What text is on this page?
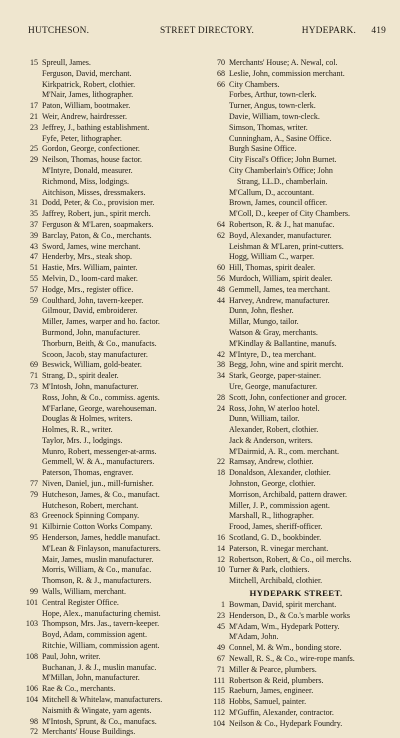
HUTCHESON.	STREET DIRECTORY.	HYDEPARK. 419
15 Spreull, James.
Ferguson, David, merchant.
Kirkpatrick, Robert, clothier.
M'Nair, James, lithographer.
17 Paton, William, bootmaker.
21 Weir, Andrew, hairdresser.
23 Jeffrey, J., bathing establishment.
Fyfe, Peter, lithographer.
25 Gordon, George, confectioner.
29 Neilson, Thomas, house factor.
M'Intyre, Donald, measurer.
Richmond, Miss, lodgings.
Aitchison, Misses, dressmakers.
31 Dodd, Peter, & Co., provision mer.
35 Jaffrey, Robert, jun., spirit merch.
37 Ferguson & M'Laren, soapmakers.
39 Barclay, Paton, & Co., merchants.
43 Sword, James, wine merchant.
47 Henderby, Mrs., steak shop.
51 Hastie, Mrs. William, painter.
55 Melvin, D., loom-card maker.
57 Hodge, Mrs., register office.
59 Coulthard, John, tavern-keeper.
Gilmour, David, embroiderer.
Miller, James, warper and ho. factor.
Burmond, John, manufacturer.
Thorburn, Beith, & Co., manufacts.
Scoon, Jacob, stay manufacturer.
69 Beswick, William, gold-beater.
71 Strang, D., spirit dealer.
73 M'Intosh, John, manufacturer.
Ross, John, & Co., commiss. agents.
M'Farlane, George, warehouseman.
Douglas & Holmes, writers.
Holmes, R. R., writer.
Taylor, Mrs. J., lodgings.
Munro, Robert, messenger-at-arms.
Gemmell, W. & A., manufacturers.
Paterson, Thomas, engraver.
77 Niven, Daniel, jun., mill-furnisher.
79 Hutcheson, James, & Co., manufact.
Hutcheson, Robert, merchant.
83 Greenock Spinning Company.
91 Kilbirnie Cotton Works Company.
95 Henderson, James, heddle manufact.
M'Lean & Finlayson, manufacturers.
Mair, James, muslin manufacturer.
Morris, William, & Co., manufac.
Thomson, R. & J., manufacturers.
99 Walls, William, merchant.
101 Central Register Office.
Hope, Alex., manufacturing chemist.
103 Thompson, Mrs. Jas., tavern-keeper.
Boyd, Adam, commission agent.
Ritchie, William, commission agent.
108 Paul, John, writer.
Buchanan, J. & J., muslin manufac.
M'Millan, John, manufacturer.
106 Rae & Co., merchants.
104 Mitchell & Whitelaw, manufacturers.
Naismith & Wingate, yarn agents.
98 M'Intosh, Sprunt, & Co., manufacs.
72 Merchants' House Buildings.
70 Merchants' House; A. Newal, col.
68 Leslie, John, commission merchant.
66 City Chambers.
Forbes, Arthur, town-clerk.
Turner, Angus, town-clerk.
Davie, William, town-cleck.
Simson, Thomas, writer.
Cunningham, A., Sasine Office.
Burgh Sasine Office.
City Fiscal's Office; John Burnet.
City Chamberlain's Office; John
Strang, LL.D., chamberlain.
M'Callum, D., accountant.
Brown, James, council officer.
M'Coll, D., keeper of City Chambers.
64 Robertson, R. & J., hat manufac.
62 Boyd, Alexander, manufacturer.
Leishman & M'Laren, print-cutters.
Hogg, William C., warper.
60 Hill, Thomas, spirit dealer.
56 Murdoch, William, spirit dealer.
48 Gemmell, James, tea merchant.
44 Harvey, Andrew, manufacturer.
Dunn, John, flesher.
Millar, Mungo, tailor.
Watson & Gray, merchants.
M'Kindlay & Ballantine, manufs.
42 M'Intyre, D., tea merchant.
38 Begg, John, wine and spirit mercht.
34 Stark, George, paper-stainer.
Ure, George, manufacturer.
28 Scott, John, confectioner and grocer.
24 Ross, John, W aterloo hotel.
Dunn, William, tailor.
Alexander, Robert, clothier.
Jack & Anderson, writers.
M'Dairmid, A. R., com. merchant.
22 Ramsay, Andrew, clothier.
18 Donaldson, Alexander, clothier.
Johnston, George, clothier.
Morrison, Archibald, pattern drawer.
Miller, J. P., commission agent.
Marshall, R., lithographer.
Frood, James, sheriff-officer.
16 Scotland, G. D., bookbinder.
14 Paterson, R. vinegar merchant.
12 Robertson, Robert, & Co., oil merchs.
10 Turner & Park, clothiers.
Mitchell, Archibald, clothier.
HYDEPARK STREET.
1 Bowman, David, spirit merchant.
23 Henderson, D., & Co.'s marble works
45 M'Adam, Wm., Hydepark Pottery.
M'Adam, John.
49 Connel, M. & Wm., bonding store.
67 Newall, R. S., & Co., wire-rope manfs.
71 Miller & Pearce, plumbers.
111 Robertson & Reid, plumbers.
115 Raeburn, James, engineer.
118 Hobbs, Samuel, painter.
112 M'Guffin, Alexander, contractor.
104 Neilson & Co., Hydepark Foundry.
